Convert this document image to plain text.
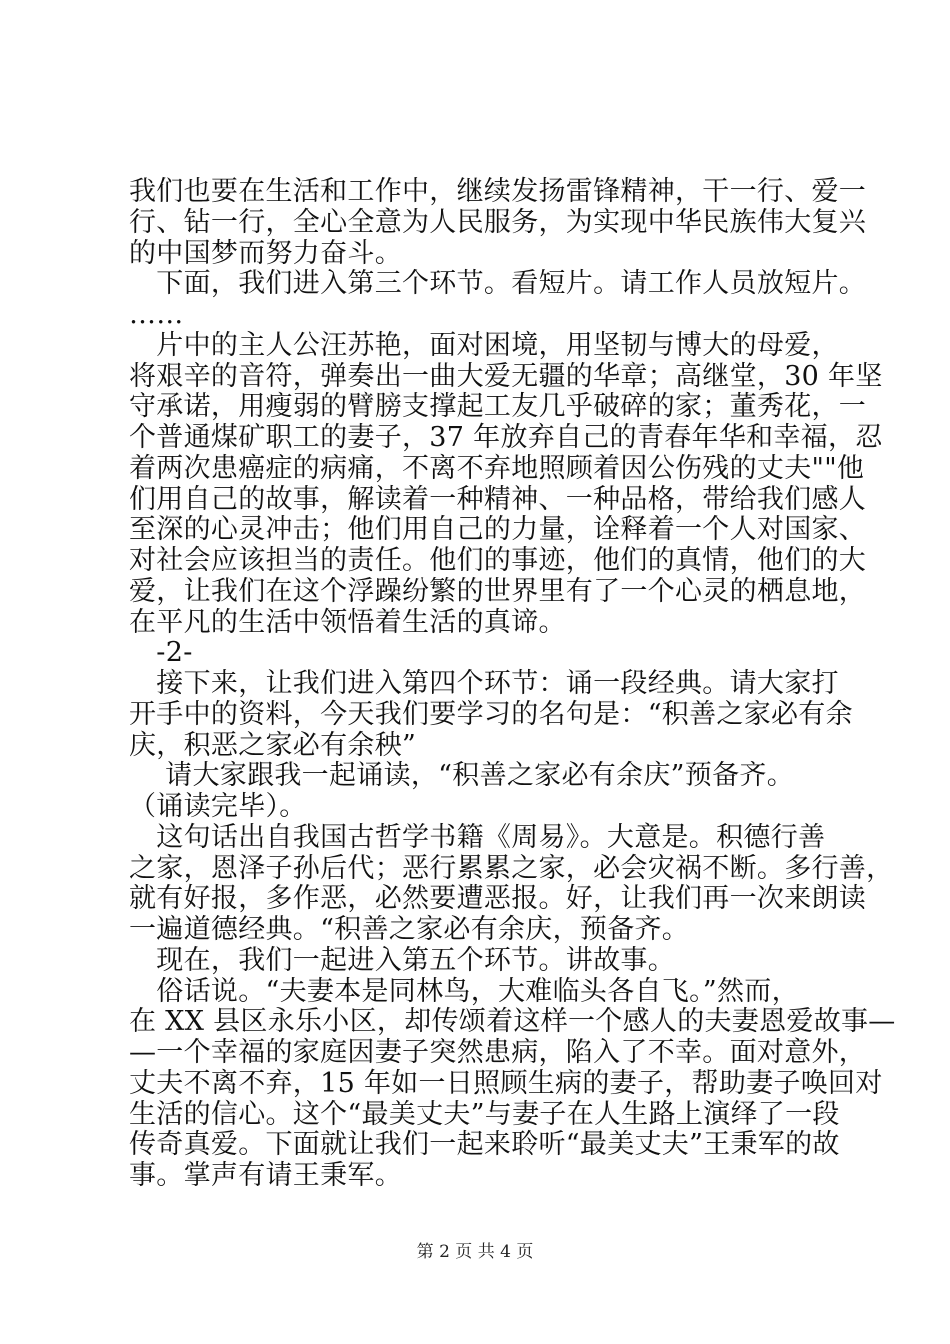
我们也要在生活和工作中，继续发扬雷锋精神，干一行、爱一
行、钻一行，全心全意为人民服务，为实现中华民族伟大复兴
的中国梦而努力奋斗。
　下面，我们进入第三个环节。看短片。请工作人员放短片。
……
　片中的主人公汪苏艳，面对困境，用坚韧与博大的母爱，
将艰辛的音符，弹奏出一曲大爱无疆的华章；高继堂，30 年坚
守承诺，用瘦弱的臂膀支撑起工友几乎破碎的家；董秀花，一
个普通煤矿职工的妻子，37 年放弃自己的青春年华和幸福，忍
着两次患癌症的病痛，不离不弃地照顾着因公伤残的丈夫""他
们用自己的故事，解读着一种精神、一种品格，带给我们感人
至深的心灵冲击；他们用自己的力量，诠释着一个人对国家、
对社会应该担当的责任。他们的事迹，他们的真情，他们的大
爱，让我们在这个浮躁纷繁的世界里有了一个心灵的栖息地，
在平凡的生活中领悟着生活的真谛。
　-2-
　接下来，让我们进入第四个环节：诵一段经典。请大家打
开手中的资料，今天我们要学习的名句是：“积善之家必有余
庆，积恶之家必有余秧”
　 请大家跟我一起诵读，“积善之家必有余庆”预备齐。
（诵读完毕）。
　这句话出自我国古哲学书籍《周易》。大意是。积德行善
之家，恩泽子孙后代；恶行累累之家，必会灾祸不断。多行善，
就有好报，多作恶，必然要遭恶报。好，让我们再一次来朗读
一遍道德经典。“积善之家必有余庆，预备齐。
　现在，我们一起进入第五个环节。讲故事。
　俗话说。“夫妻本是同林鸟，大难临头各自飞。”然而，
在 XX 县区永乐小区，却传颂着这样一个感人的夫妻恩爱故事—
—一个幸福的家庭因妻子突然患病，陷入了不幸。面对意外，
丈夫不离不弃，15 年如一日照顾生病的妻子，帮助妻子唤回对
生活的信心。这个“最美丈夫”与妻子在人生路上演绎了一段
传奇真爱。下面就让我们一起来聆听“最美丈夫”王秉军的故
事。掌声有请王秉军。
第 2 页 共 4 页
